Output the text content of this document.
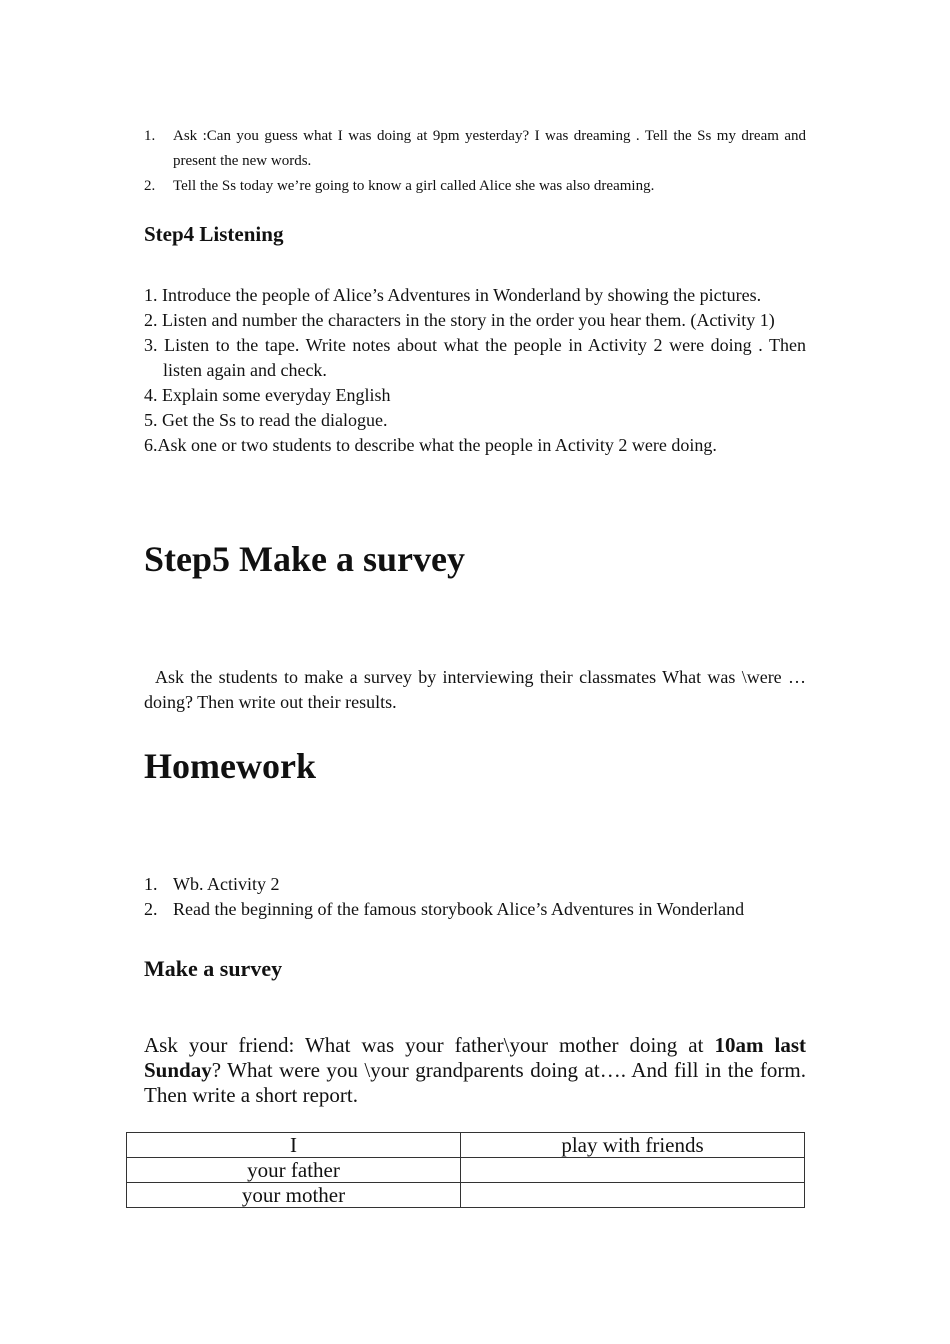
1. Ask :Can you guess what I was doing at 9pm yesterday? I was dreaming . Tell the Ss my dream and present the new words.
2. Tell the Ss today we’re going to know a girl called Alice she was also dreaming.
Step4 Listening
1. Introduce the people of Alice’s Adventures in Wonderland by showing the pictures.
2. Listen and number the characters in the story in the order you hear them. (Activity 1)
3. Listen to the tape. Write notes about what the people in Activity 2 were doing . Then listen again and check.
4. Explain some everyday English
5. Get the Ss to read the dialogue.
6.Ask one or two students to describe what the people in Activity 2 were doing.
Step5 Make a survey
Ask the students to make a survey by interviewing their classmates What was \were … doing? Then write out their results.
Homework
1. Wb. Activity 2
2. Read the beginning of the famous storybook Alice’s Adventures in Wonderland
Make a survey
Ask your friend: What was your father\your mother doing at 10am last Sunday? What were you \your grandparents doing at…. And fill in the form. Then write a short report.
I	play with friends
your father	
your mother	
